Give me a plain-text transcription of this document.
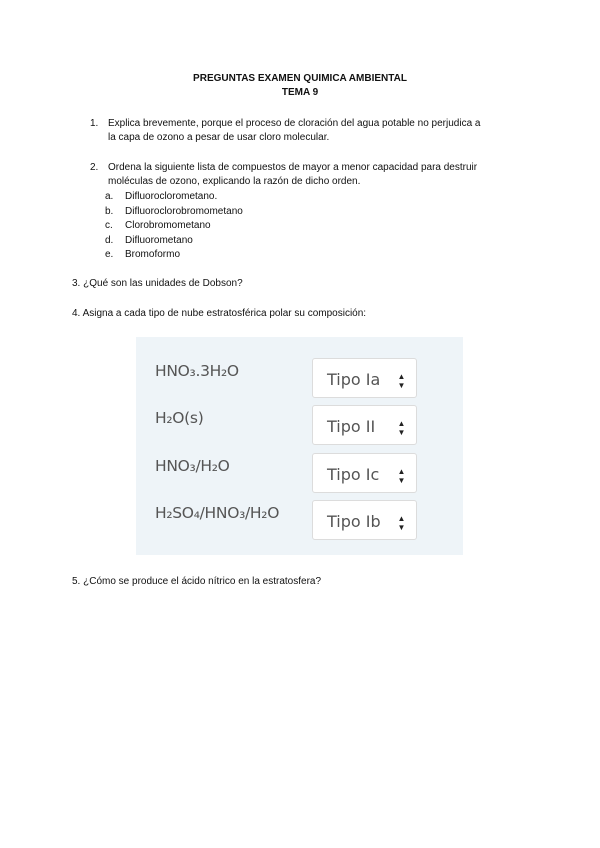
PREGUNTAS EXAMEN QUIMICA AMBIENTAL
TEMA 9
1. Explica brevemente, porque el proceso de cloración del agua potable no perjudica a
la capa de ozono a pesar de usar cloro molecular.
2. Ordena la siguiente lista de compuestos de mayor a menor capacidad para destruir
moléculas de ozono, explicando la razón de dicho orden.
a. Difluoroclorometano.
b. Difluoroclorobromometano
c. Clorobromometano
d. Difluorometano
e. Bromoformo
3. ¿Qué son las unidades de Dobson?
4. Asigna a cada tipo de nube estratosférica polar su composición:
HNO₃.3H₂O	Tipo Ia ▲▼
H₂O(s)	Tipo II	▲▼
HNO₃/H₂O	Tipo Ic ▲▼
H₂SO₄/HNO₃/H₂O	Tipo Ib ▲▼
5. ¿Cómo se produce el ácido nítrico en la estratosfera?
